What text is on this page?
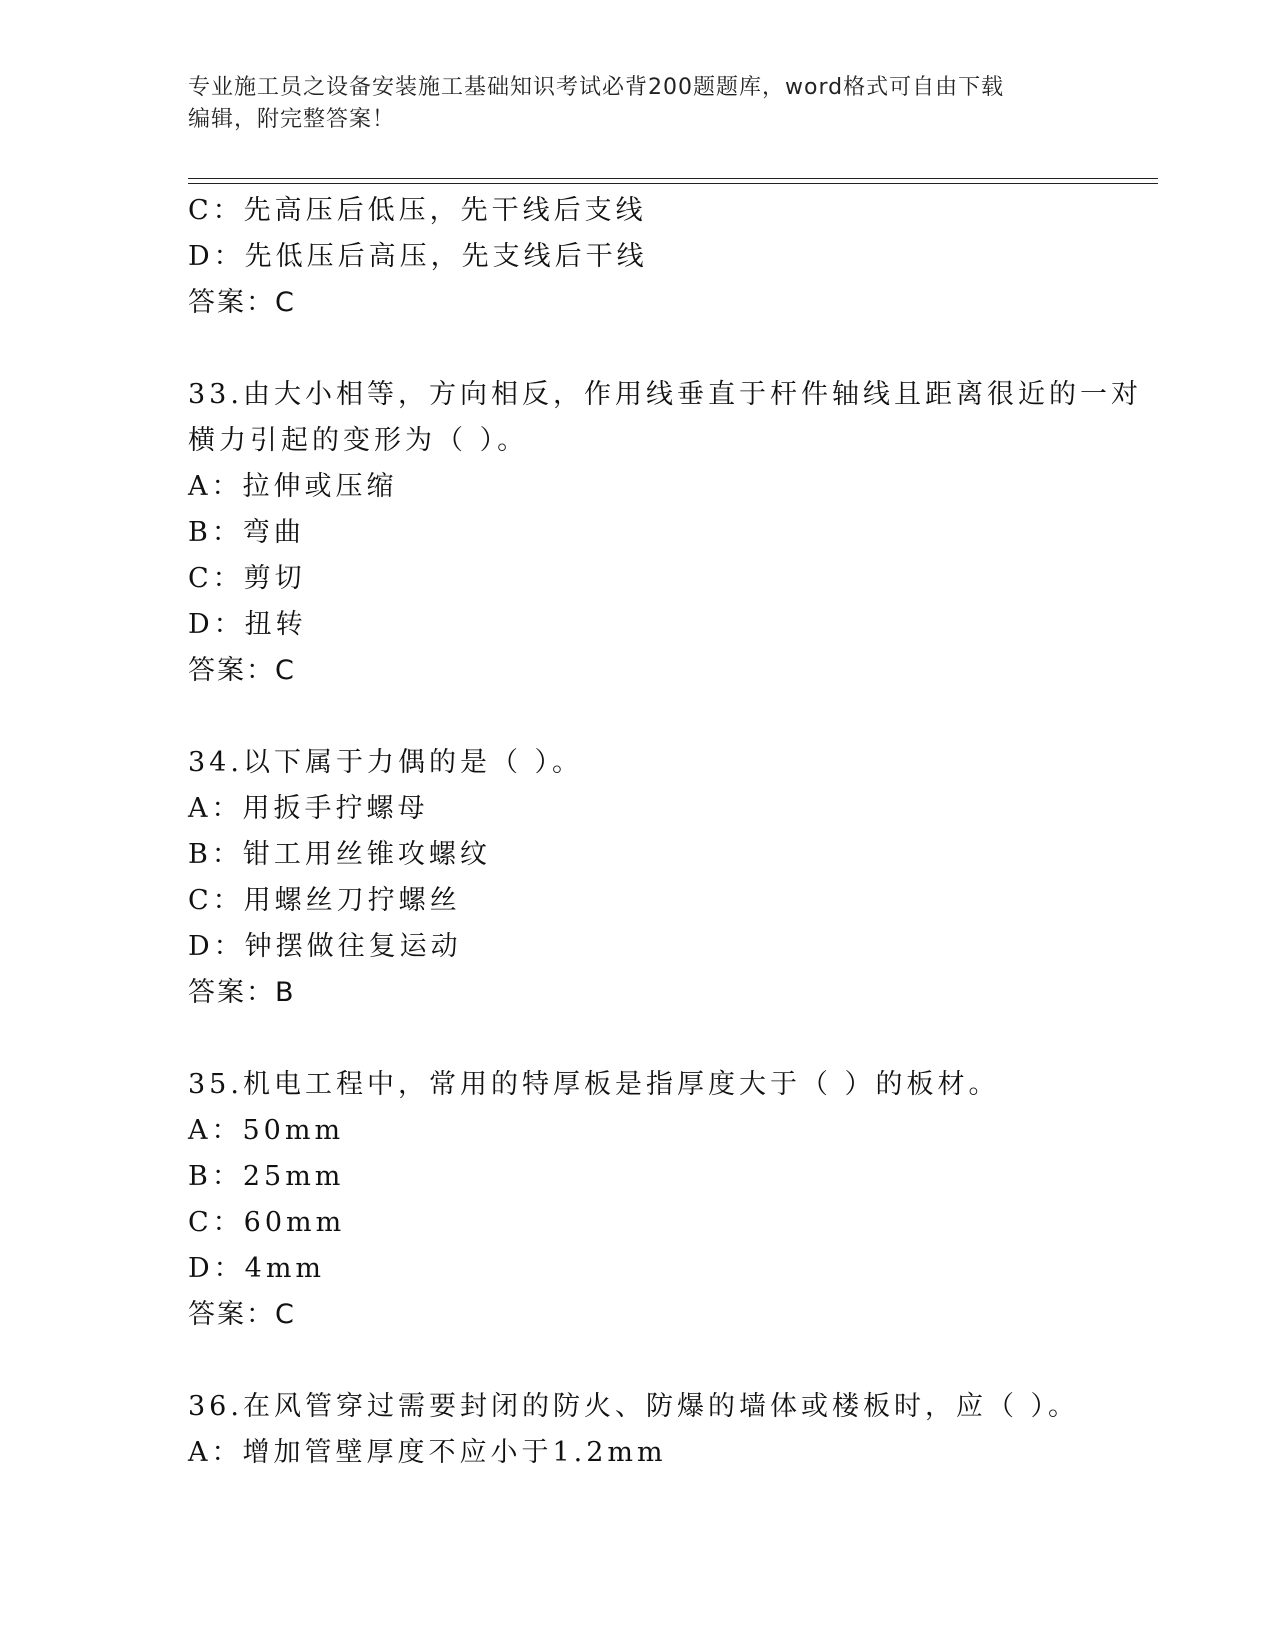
专业施工员之设备安装施工基础知识考试必背200题题库，word格式可自由下载
编辑，附完整答案！
C：先高压后低压，先干线后支线
D：先低压后高压，先支线后干线
答案：C
33.由大小相等，方向相反，作用线垂直于杆件轴线且距离很近的一对
横力引起的变形为（ ）。
A：拉伸或压缩
B：弯曲
C：剪切
D：扭转
答案：C
34.以下属于力偶的是（ ）。
A：用扳手拧螺母
B：钳工用丝锥攻螺纹
C：用螺丝刀拧螺丝
D：钟摆做往复运动
答案：B
35.机电工程中，常用的特厚板是指厚度大于（ ）的板材。
A：50mm
B：25mm
C：60mm
D：4mm
答案：C
36.在风管穿过需要封闭的防火、防爆的墙体或楼板时，应（ ）。
A：增加管壁厚度不应小于1.2mm
